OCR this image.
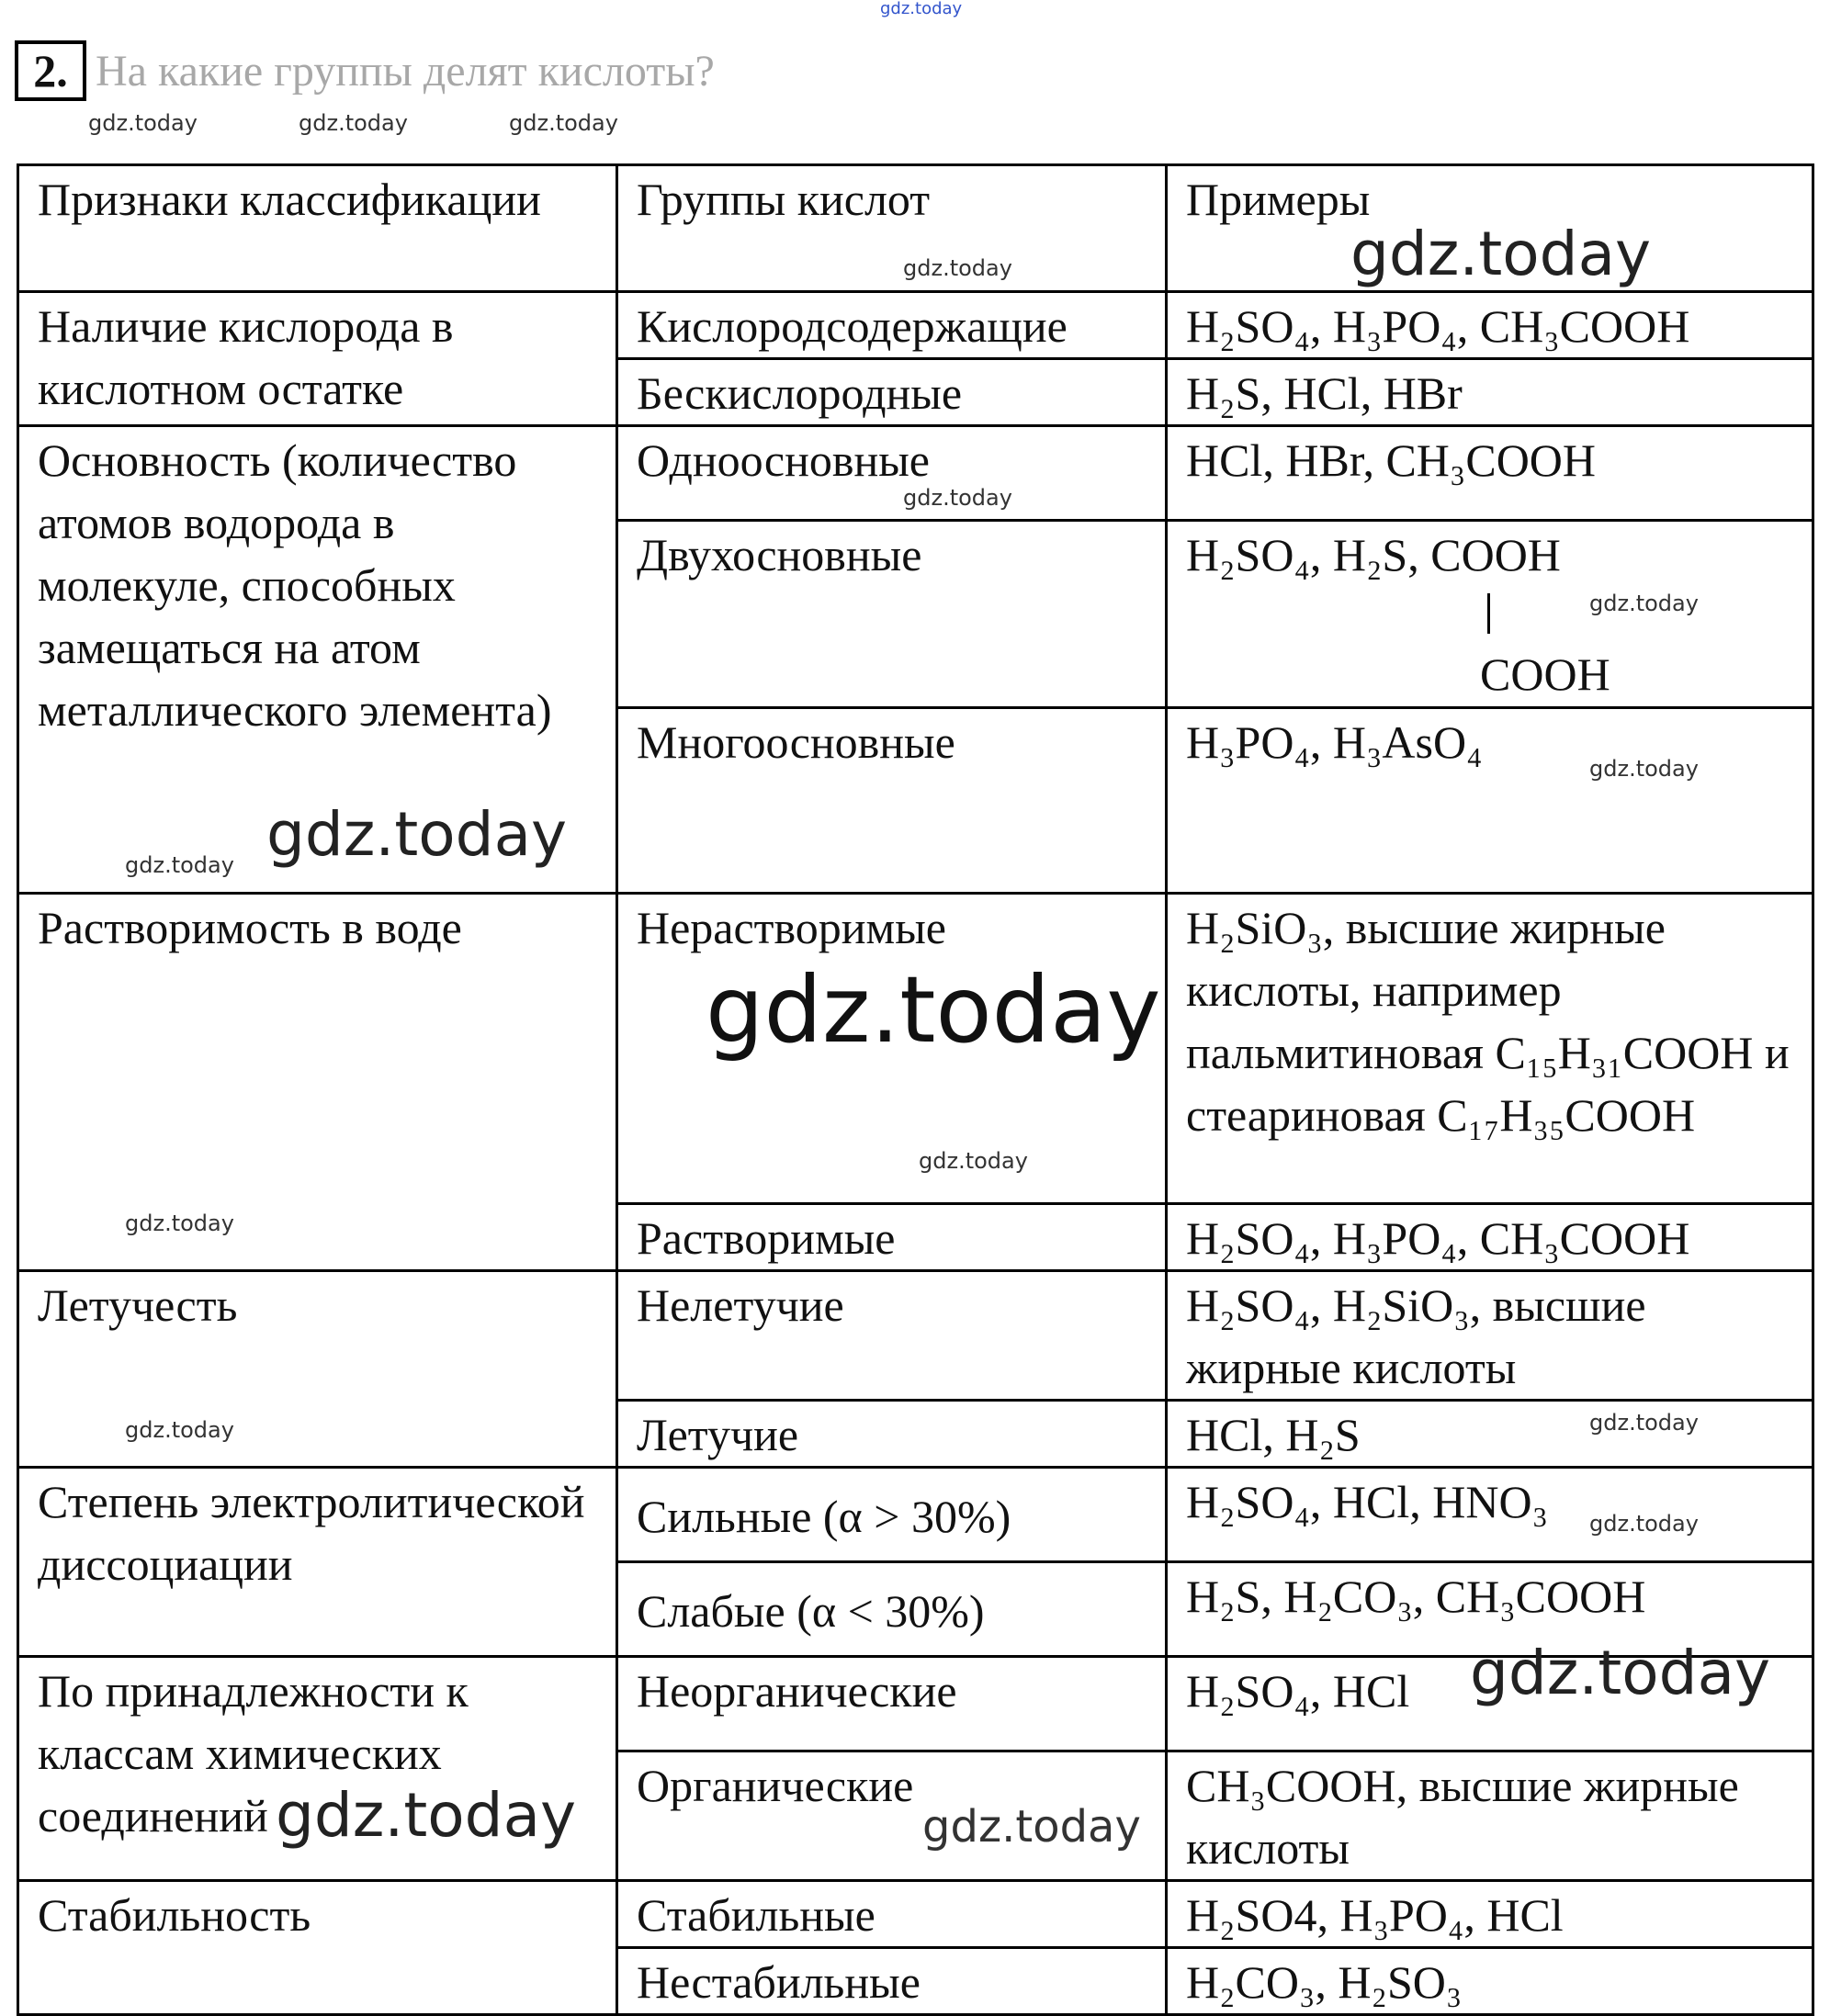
2. На какие группы делят кислоты?
Признаки классификации	Группы кислот	Примеры
Наличие кислорода в кислотном остатке	Кислородсодержащие	H₂SO₄, H₃PO₄, CH₃COOH
	Бескислородные	H₂S, HCl, HBr
Основность (количество атомов водорода в молекуле, способных замещаться на атом металлического элемента)	Одноосновные	HCl, HBr, CH₃COOH
	Двухосновные	H₂SO₄, H₂S, COOH
COOH

	Многоосновные	H₃PO₄, H₃AsO₄
Растворимость в воде	Нерастворимые	H₂SiO₃, высшие жирные кислоты, например пальмитиновая C₁₅H₃₁COOH и стеариновая C₁₇H₃₅COOH
	Растворимые	H₂SO₄, H₃PO₄, CH₃COOH
Летучесть	Нелетучие	H₂SO₄, H₂SiO₃, высшие жирные кислоты
	Летучие	HCl, H₂S
Степень электролитической диссоциации	Сильные (α > 30%)	H₂SO₄, HCl, HNO₃
	Слабые (α < 30%)	H₂S, H₂CO₃, CH₃COOH
По принадлежности к классам химических соединений	Неорганические	H₂SO₄, HCl
	Органические	CH₃COOH, высшие жирные кислоты
Стабильность	Стабильные	H₂SO4, H₃PO₄, HCl
	Нестабильные	H₂CO₃, H₂SO₃
gdz.today
gdz.today	gdz.today	gdz.today
gdz.today	gdz.today
gdz.today
gdz.today
gdz.today
gdz.today
gdz.today
gdz.today
gdz.today
gdz.today
gdz.today
gdz.today
gdz.today
gdz.today
gdz.today	gdz.today
